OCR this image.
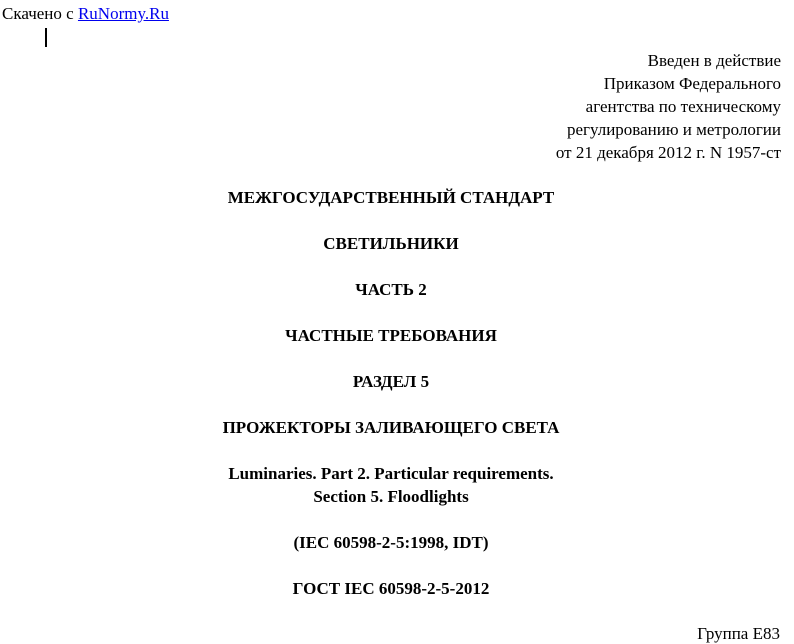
Скачено с RuNormy.Ru
Введен в действие
Приказом Федерального
агентства по техническому
регулированию и метрологии
от 21 декабря 2012 г. N 1957-ст
МЕЖГОСУДАРСТВЕННЫЙ СТАНДАРТ
СВЕТИЛЬНИКИ
ЧАСТЬ 2
ЧАСТНЫЕ ТРЕБОВАНИЯ
РАЗДЕЛ 5
ПРОЖЕКТОРЫ ЗАЛИВАЮЩЕГО СВЕТА
Luminaries. Part 2. Particular requirements.
Section 5. Floodlights
(IEC 60598-2-5:1998, IDT)
ГОСТ IEC 60598-2-5-2012
Группа Е83
